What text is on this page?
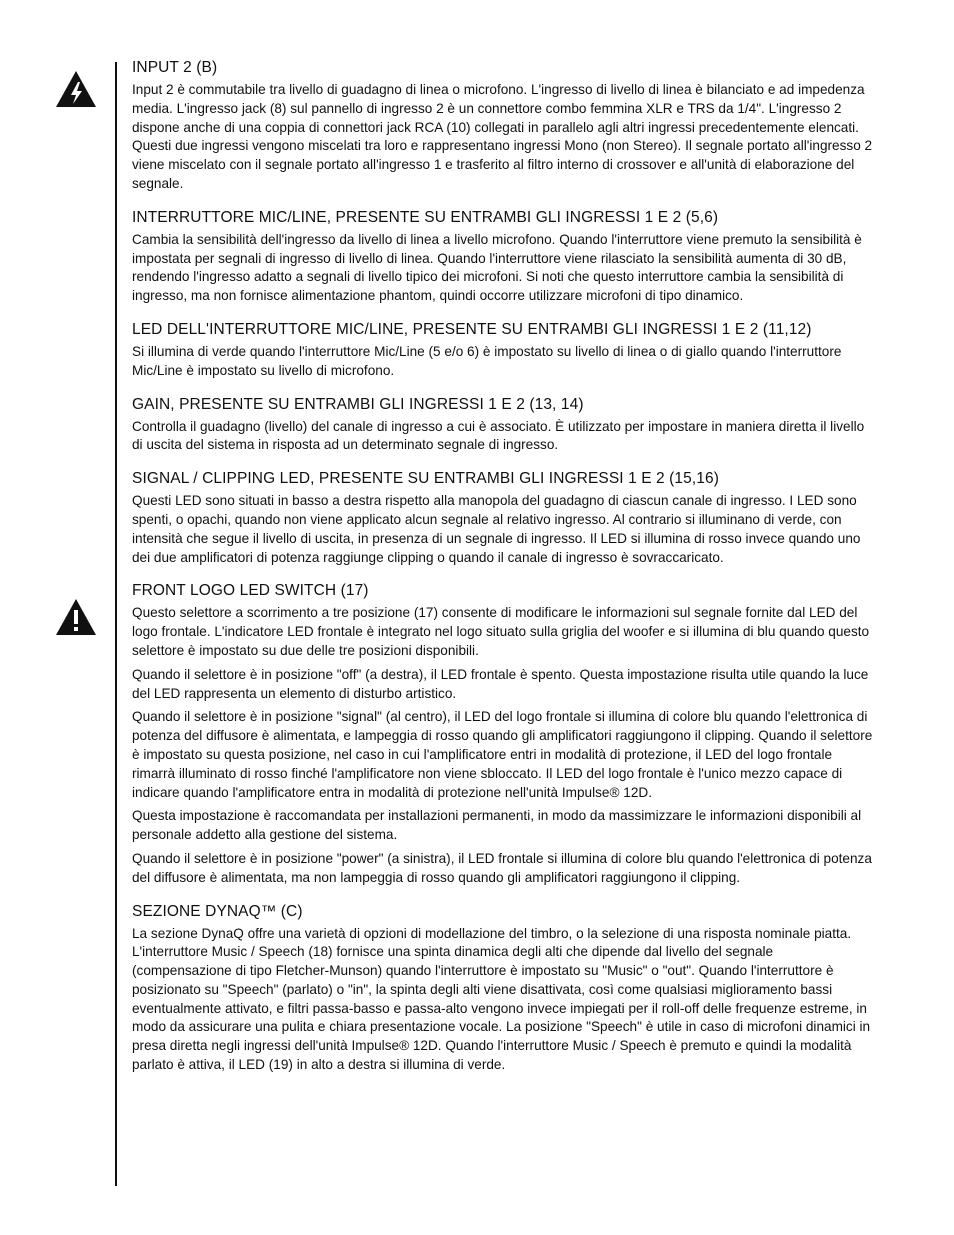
INPUT 2 (B)

Input 2 è commutabile tra livello di guadagno di linea o microfono. L'ingresso di livello di linea è bilanciato e ad impedenza media. L'ingresso jack (8) sul pannello di ingresso 2 è un connettore combo femmina XLR e TRS da 1/4". L'ingresso 2 dispone anche di una coppia di connettori jack RCA (10) collegati in parallelo agli altri ingressi precedentemente elencati. Questi due ingressi vengono miscelati tra loro e rappresentano ingressi Mono (non Stereo). Il segnale portato all'ingresso 2 viene miscelato con il segnale portato all'ingresso 1 e trasferito al filtro interno di crossover e all'unità di elaborazione del segnale.

INTERRUTTORE MIC/LINE, PRESENTE SU ENTRAMBI GLI INGRESSI 1 E 2 (5,6)

Cambia la sensibilità dell'ingresso da livello di linea a livello microfono. Quando l'interruttore viene premuto la sensibilità è impostata per segnali di ingresso di livello di linea. Quando l'interruttore viene rilasciato la sensibilità aumenta di 30 dB, rendendo l'ingresso adatto a segnali di livello tipico dei microfoni. Si noti che questo interruttore cambia la sensibilità di ingresso, ma non fornisce alimentazione phantom, quindi occorre utilizzare microfoni di tipo dinamico.

LED DELL'INTERRUTTORE MIC/LINE, PRESENTE SU ENTRAMBI GLI INGRESSI 1 E 2 (11,12)

Si illumina di verde quando l'interruttore Mic/Line (5 e/o 6) è impostato su livello di linea o di giallo quando l'interruttore Mic/Line è impostato su livello di microfono.

GAIN, PRESENTE SU ENTRAMBI GLI INGRESSI 1 E 2 (13, 14)

Controlla il guadagno (livello) del canale di ingresso a cui è associato. È utilizzato per impostare in maniera diretta il livello di uscita del sistema in risposta ad un determinato segnale di ingresso.

SIGNAL / CLIPPING LED, PRESENTE SU ENTRAMBI GLI INGRESSI 1 E 2 (15,16)

Questi LED sono situati in basso a destra rispetto alla manopola del guadagno di ciascun canale di ingresso. I LED sono spenti, o opachi, quando non viene applicato alcun segnale al relativo ingresso. Al contrario si illuminano di verde, con intensità che segue il livello di uscita, in presenza di un segnale di ingresso. Il LED si illumina di rosso invece quando uno dei due amplificatori di potenza raggiunge clipping o quando il canale di ingresso è sovraccaricato.

FRONT LOGO LED SWITCH (17)

Questo selettore a scorrimento a tre posizione (17) consente di modificare le informazioni sul segnale fornite dal LED del logo frontale. L'indicatore LED frontale è integrato nel logo situato sulla griglia del woofer e si illumina di blu quando questo selettore è impostato su due delle tre posizioni disponibili.

Quando il selettore è in posizione "off" (a destra), il LED frontale è spento. Questa impostazione risulta utile quando la luce del LED rappresenta un elemento di disturbo artistico.

Quando il selettore è in posizione "signal" (al centro), il LED del logo frontale si illumina di colore blu quando l'elettronica di potenza del diffusore è alimentata, e lampeggia di rosso quando gli amplificatori raggiungono il clipping. Quando il selettore è impostato su questa posizione, nel caso in cui l'amplificatore entri in modalità di protezione, il LED del logo frontale rimarrà illuminato di rosso finché l'amplificatore non viene sbloccato. Il LED del logo frontale è l'unico mezzo capace di indicare quando l'amplificatore entra in modalità di protezione nell'unità Impulse® 12D.

Questa impostazione è raccomandata per installazioni permanenti, in modo da massimizzare le informazioni disponibili al personale addetto alla gestione del sistema.

Quando il selettore è in posizione "power" (a sinistra), il LED frontale si illumina di colore blu quando l'elettronica di potenza del diffusore è alimentata, ma non lampeggia di rosso quando gli amplificatori raggiungono il clipping.

SEZIONE DYNAQ™ (C)

La sezione DynaQ offre una varietà di opzioni di modellazione del timbro, o la selezione di una risposta nominale piatta. L'interruttore Music / Speech (18) fornisce una spinta dinamica degli alti che dipende dal livello del segnale (compensazione di tipo Fletcher-Munson) quando l'interruttore è impostato su "Music" o "out". Quando l'interruttore è posizionato su "Speech" (parlato) o "in", la spinta degli alti viene disattivata, così come qualsiasi miglioramento bassi eventualmente attivato, e filtri passa-basso e passa-alto vengono invece impiegati per il roll-off delle frequenze estreme, in modo da assicurare una pulita e chiara presentazione vocale. La posizione "Speech" è utile in caso di microfoni dinamici in presa diretta negli ingressi dell'unità Impulse® 12D. Quando l'interruttore Music / Speech è premuto e quindi la modalità parlato è attiva, il LED (19) in alto a destra si illumina di verde.
